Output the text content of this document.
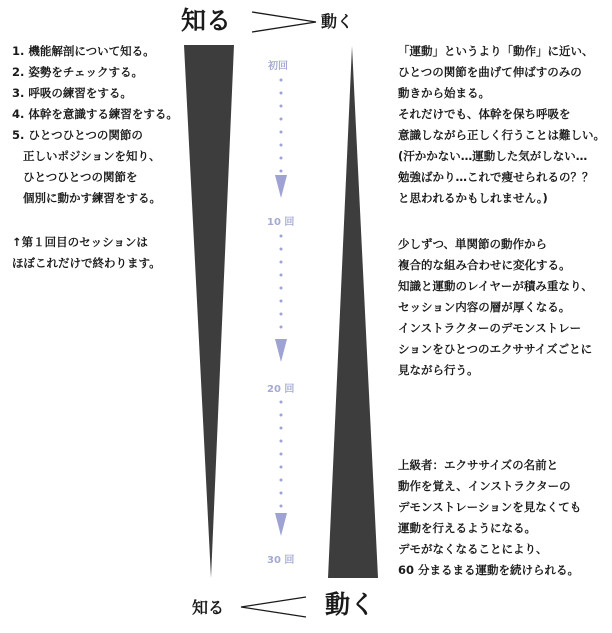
知る	動く
知る	動く
初回
10 回
20 回
30 回
1. 機能解剖について知る。
2. 姿勢をチェックする。
3. 呼吸の練習をする。
4. 体幹を意識する練習をする。
5. ひとつひとつの関節の
正しいポジションを知り、
ひとつひとつの関節を
個別に動かす練習をする。
↑第１回目のセッションは
ほぼこれだけで終わります。
「運動」というより「動作」に近い、
ひとつの関節を曲げて伸ばすのみの
動きから始まる。
それだけでも、体幹を保ち呼吸を
意識しながら正しく行うことは難しい。
(汗かかない…運動した気がしない…
勉強ばかり…これで痩せられるの？？
と思われるかもしれません。)
少しずつ、単関節の動作から
複合的な組み合わせに変化する。
知識と運動のレイヤーが積み重なり、
セッション内容の層が厚くなる。
インストラクターのデモンストレー
ションをひとつのエクササイズごとに
見ながら行う。
上級者：エクササイズの名前と
動作を覚え、インストラクターの
デモンストレーションを見なくても
運動を行えるようになる。
デモがなくなることにより、
60 分まるまる運動を続けられる。
